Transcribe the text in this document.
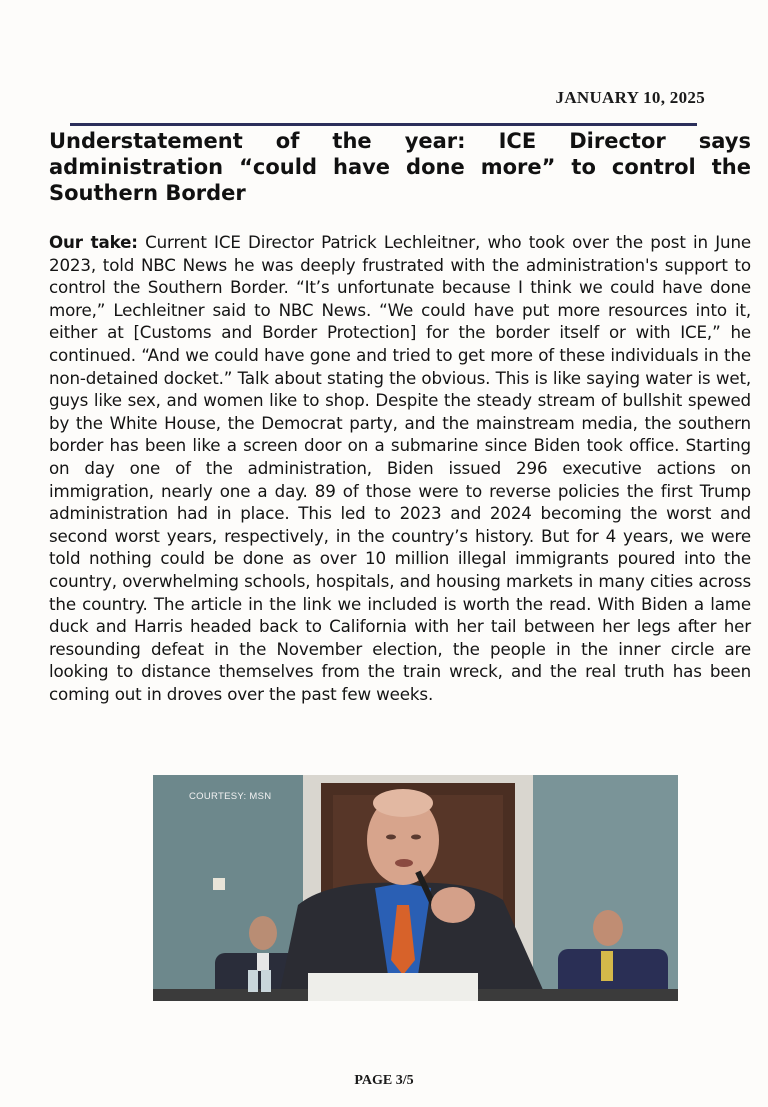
JANUARY 10, 2025
Understatement of the year: ICE Director says administration “could have done more” to control the Southern Border

Our take: Current ICE Director Patrick Lechleitner, who took over the post in June 2023, told NBC News he was deeply frustrated with the administration's support to control the Southern Border. “It’s unfortunate because I think we could have done more,” Lechleitner said to NBC News. “We could have put more resources into it, either at [Customs and Border Protection] for the border itself or with ICE,” he continued. “And we could have gone and tried to get more of these individuals in the non-detained docket.” Talk about stating the obvious. This is like saying water is wet, guys like sex, and women like to shop. Despite the steady stream of bullshit spewed by the White House, the Democrat party, and the mainstream media, the southern border has been like a screen door on a submarine since Biden took office. Starting on day one of the administration, Biden issued 296 executive actions on immigration, nearly one a day. 89 of those were to reverse policies the first Trump administration had in place. This led to 2023 and 2024 becoming the worst and second worst years, respectively, in the country’s history. But for 4 years, we were told nothing could be done as over 10 million illegal immigrants poured into the country, overwhelming schools, hospitals, and housing markets in many cities across the country. The article in the link we included is worth the read. With Biden a lame duck and Harris headed back to California with her tail between her legs after her resounding defeat in the November election, the people in the inner circle are looking to distance themselves from the train wreck, and the real truth has been coming out in droves over the past few weeks.

COURTESY: MSN
PAGE 3/5
